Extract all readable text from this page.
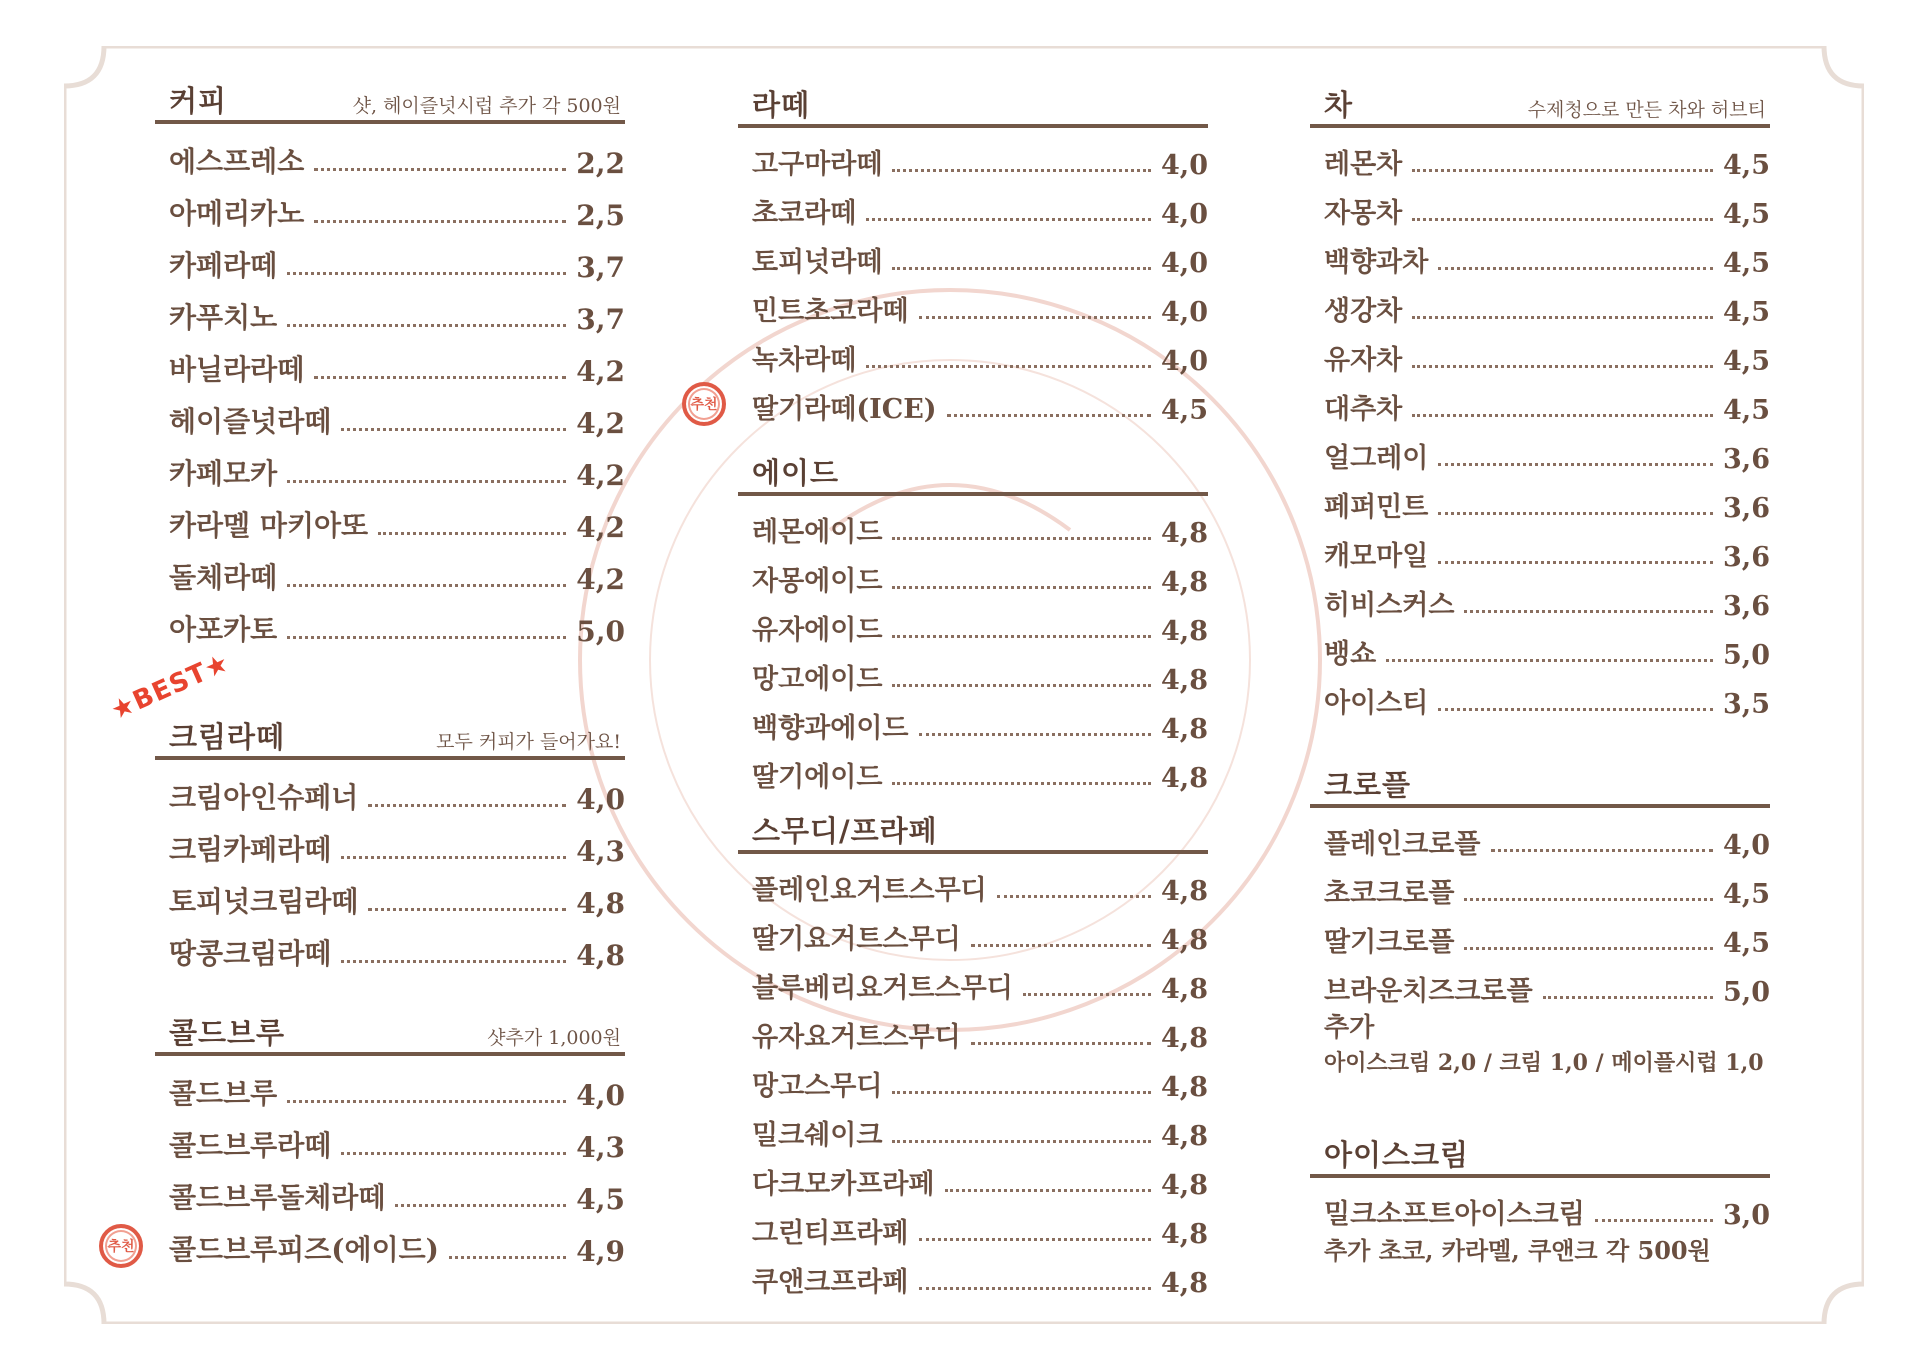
커피	샷, 헤이즐넛시럽 추가 각 500원
에스프레소	2,2
아메리카노	2,5
카페라떼	3,7
카푸치노	3,7
바닐라라떼	4,2
헤이즐넛라떼	4,2
카페모카	4,2
카라멜 마키아또	4,2
돌체라떼	4,2
아포카토	5,0
★BEST★
크림라떼	모두 커피가 들어가요!
크림아인슈페너	4,0
크림카페라떼	4,3
토피넛크림라떼	4,8
땅콩크림라떼	4,8
콜드브루	샷추가 1,000원
콜드브루	4,0
콜드브루라떼	4,3
콜드브루돌체라떼	4,5
추천	콜드브루피즈(에이드)	4,9
라떼
고구마라떼	4,0
초코라떼	4,0
토피넛라떼	4,0
민트초코라떼	4,0
녹차라떼	4,0
추천	딸기라떼(ICE)	4,5
에이드
레몬에이드	4,8
자몽에이드	4,8
유자에이드	4,8
망고에이드	4,8
백향과에이드	4,8
딸기에이드	4,8
스무디/프라페
플레인요거트스무디	4,8
딸기요거트스무디	4,8
블루베리요거트스무디	4,8
유자요거트스무디	4,8
망고스무디	4,8
밀크쉐이크	4,8
다크모카프라페	4,8
그린티프라페	4,8
쿠앤크프라페	4,8
차	수제청으로 만든 차와 허브티
레몬차	4,5
자몽차	4,5
백향과차	4,5
생강차	4,5
유자차	4,5
대추차	4,5
얼그레이	3,6
페퍼민트	3,6
캐모마일	3,6
히비스커스	3,6
뱅쇼	5,0
아이스티	3,5
크로플
플레인크로플	4,0
초코크로플	4,5
딸기크로플	4,5
브라운치즈크로플	5,0
추가
아이스크림 2,0 / 크림 1,0 / 메이플시럽 1,0
아이스크림
밀크소프트아이스크림	3,0
추가 초코, 카라멜, 쿠앤크 각 500원
